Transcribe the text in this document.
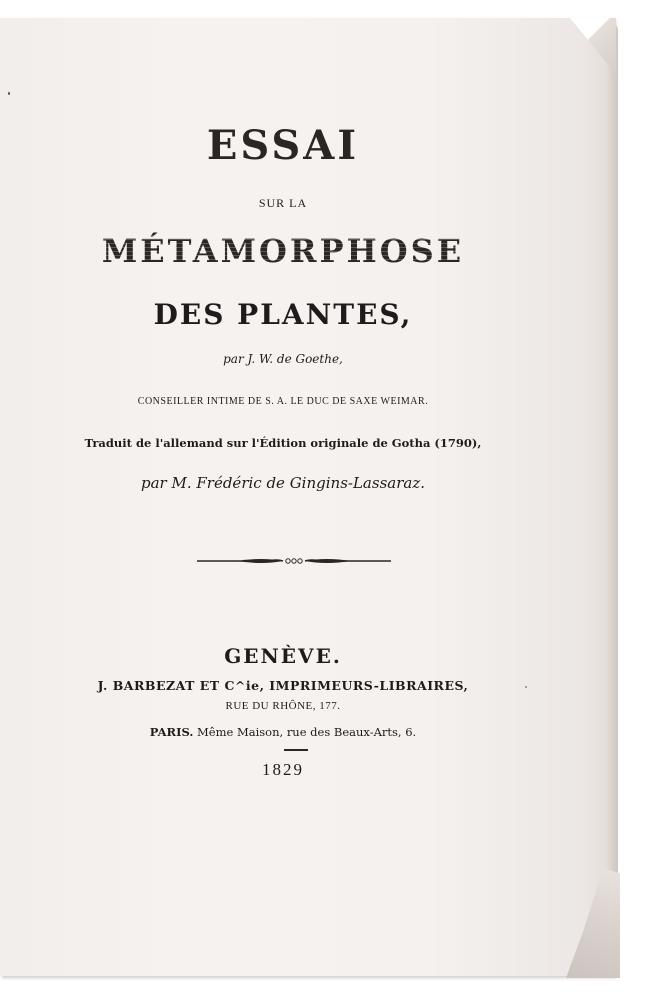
ESSAI
SUR LA
MÉTAMORPHOSE
DES PLANTES,
par J. W. de Goethe,
CONSEILLER INTIME DE S. A. LE DUC DE SAXE WEIMAR.
Traduit de l'allemand sur l'Édition originale de Gotha (1790),
par M. Frédéric de Gingins-Lassaraz.
GENÈVE.
J. BARBEZAT ET C^ie, IMPRIMEURS-LIBRAIRES,
RUE DU RHÔNE, 177.
PARIS. Même Maison, rue des Beaux-Arts, 6.
1829
